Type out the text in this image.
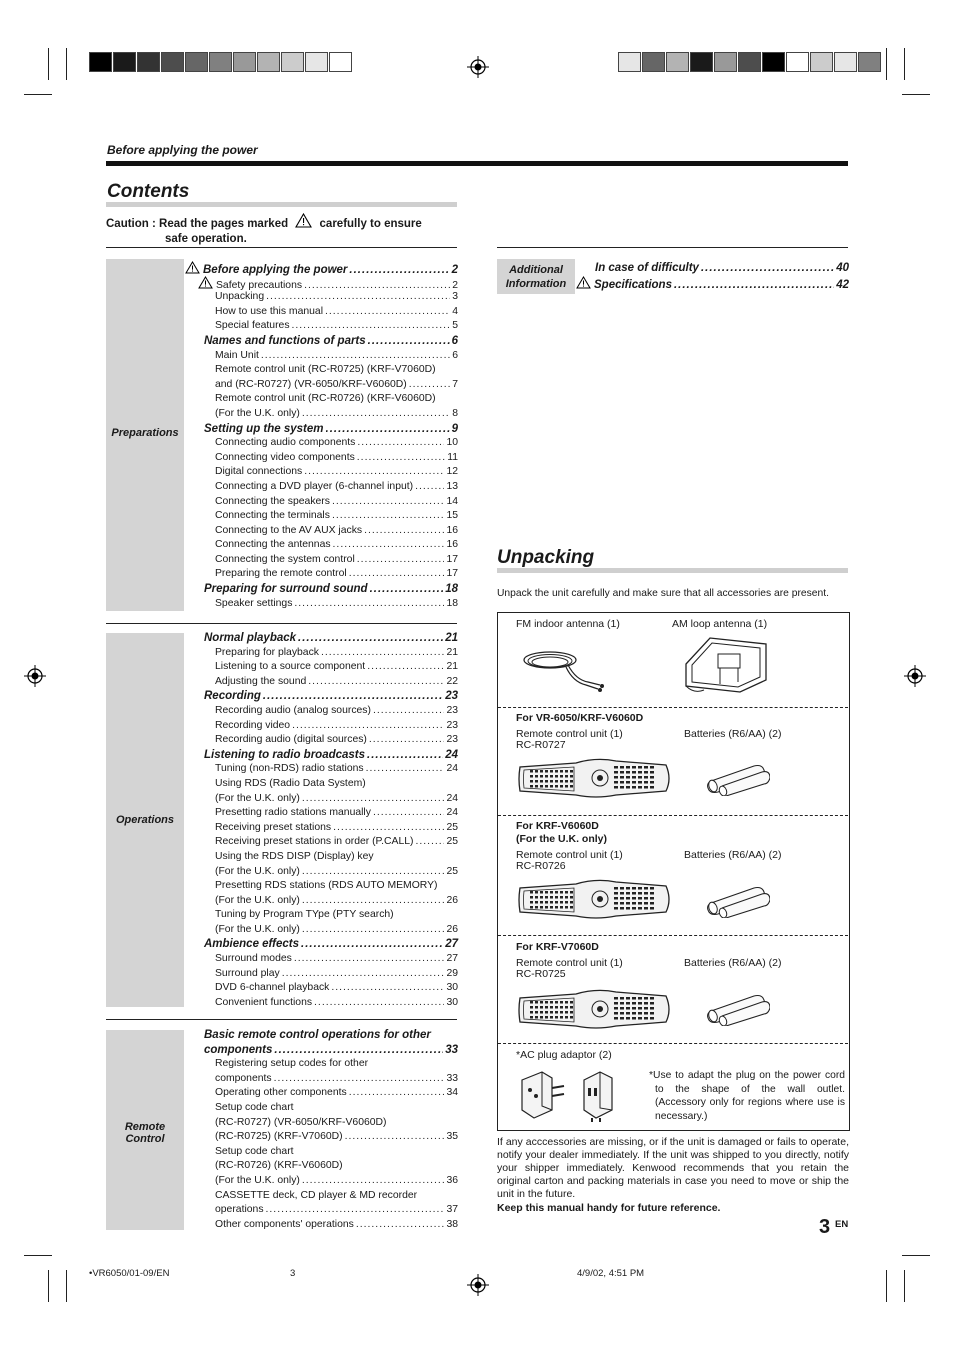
Before applying the power
Contents
Caution : Read the pages marked	carefully to ensure
safe operation.
Preparations
Before applying the power .....	2
Safety precautions .....	2
Unpacking .....	3
How to use this manual .....	4
Special features .....	5
Names and functions of parts .....	6
Main Unit .....	6
Remote control unit (RC-R0725) (KRF-V7060D)
and (RC-R0727) (VR-6050/KRF-V6060D) .....	7
Remote control unit (RC-R0726) (KRF-V6060D)
(For the U.K. only) .....	8
Setting up the system .....	9
Connecting audio components .....	10
Connecting video components .....	11
Digital connections .....	12
Connecting a DVD player (6-channel input) .....	13
Connecting the speakers .....	14
Connecting the terminals .....	15
Connecting to the AV AUX jacks .....	16
Connecting the antennas .....	16
Connecting the system control .....	17
Preparing the remote control .....	17
Preparing for surround sound .....	18
Speaker settings .....	18
Operations
Normal playback .....	21
Preparing for playback .....	21
Listening to a source component .....	21
Adjusting the sound .....	22
Recording .....	23
Recording audio (analog sources) .....	23
Recording video .....	23
Recording audio (digital sources) .....	23
Listening to radio broadcasts .....	24
Tuning (non-RDS) radio stations .....	24
Using RDS (Radio Data System)
(For the U.K. only) .....	24
Presetting radio stations manually .....	24
Receiving preset stations .....	25
Receiving preset stations in order (P.CALL) .....	25
Using the RDS DISP (Display) key
(For the U.K. only) .....	25
Presetting RDS stations (RDS AUTO MEMORY)
(For the U.K. only) .....	26
Tuning by Program TYpe (PTY search)
(For the U.K. only) .....	26
Ambience effects .....	27
Surround modes .....	27
Surround play .....	29
DVD 6-channel playback .....	30
Convenient functions .....	30
Remote Control
Basic remote control operations for other
components .....	33
Registering setup codes for other
components .....	33
Operating other components .....	34
Setup code chart
(RC-R0727) (VR-6050/KRF-V6060D)
(RC-R0725) (KRF-V7060D) .....	35
Setup code chart
(RC-R0726) (KRF-V6060D)
(For the U.K. only) .....	36
CASSETTE deck, CD player & MD recorder
operations .....	37
Other components' operations .....	38
Additional
Information
In case of difficulty .....	40
Specifications .....	42
Unpacking
Unpack the unit carefully and make sure that all accessories are present.
FM indoor antenna (1)	AM loop antenna (1)
For VR-6050/KRF-V6060D
Remote control unit (1)
RC-R0727
Batteries (R6/AA) (2)
For KRF-V6060D
(For the U.K. only)
Remote control unit (1)
RC-R0726
Batteries (R6/AA) (2)
For KRF-V7060D
Remote control unit (1)
RC-R0725
Batteries (R6/AA) (2)
*AC plug adaptor (2)
*Use to adapt the plug on the power cord to the shape of the wall outlet. (Accessory only for regions where use is necessary.)
If any acccessories are missing, or if the unit is damaged or fails to operate, notify your dealer immediately. If the unit was shipped to you directly, notify your shipper immediately. Kenwood recommends that you retain the original carton and packing materials in case you need to move or ship the unit in the future.
Keep this manual handy for future reference.
3 EN
•VR6050/01-09/EN	3	4/9/02, 4:51 PM
